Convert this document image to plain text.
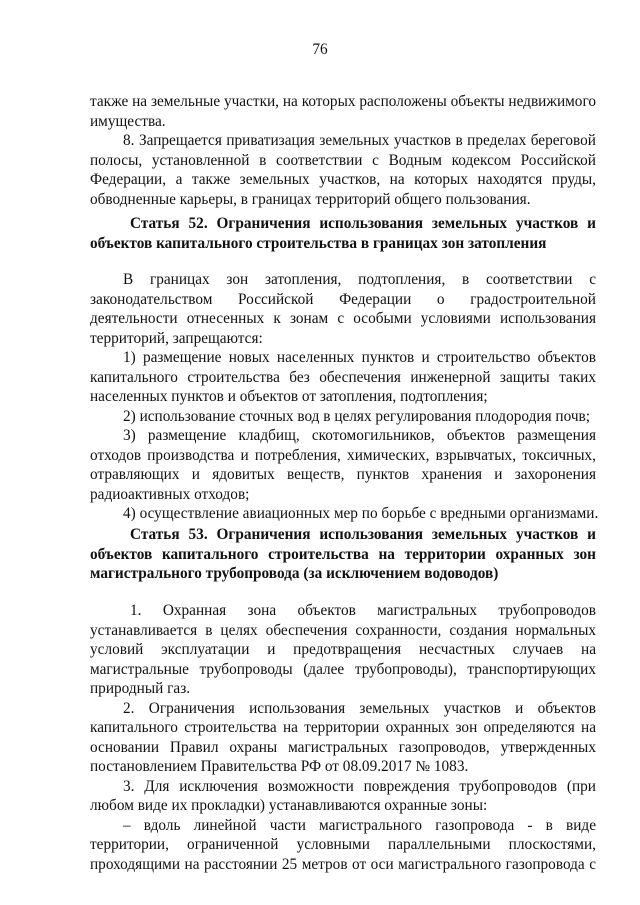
76
также на земельные участки, на которых расположены объекты недвижимого
имущества.
8. Запрещается приватизация земельных участков в пределах береговой
полосы, установленной в соответствии с Водным кодексом Российской
Федерации, а также земельных участков, на которых находятся пруды,
обводненные карьеры, в границах территорий общего пользования.
Статья 52. Ограничения использования земельных участков и
объектов капитального строительства в границах зон затопления
В границах зон затопления, подтопления, в соответствии с
законодательством Российской Федерации о градостроительной
деятельности отнесенных к зонам с особыми условиями использования
территорий, запрещаются:
1) размещение новых населенных пунктов и строительство объектов
капитального строительства без обеспечения инженерной защиты таких
населенных пунктов и объектов от затопления, подтопления;
2) использование сточных вод в целях регулирования плодородия почв;
3) размещение кладбищ, скотомогильников, объектов размещения
отходов производства и потребления, химических, взрывчатых, токсичных,
отравляющих и ядовитых веществ, пунктов хранения и захоронения
радиоактивных отходов;
4) осуществление авиационных мер по борьбе с вредными организмами.
Статья 53. Ограничения использования земельных участков и
объектов капитального строительства на территории охранных зон
магистрального трубопровода (за исключением водоводов)
1. Охранная зона объектов магистральных трубопроводов
устанавливается в целях обеспечения сохранности, создания нормальных
условий эксплуатации и предотвращения несчастных случаев на
магистральные трубопроводы (далее трубопроводы), транспортирующих
природный газ.
2. Ограничения использования земельных участков и объектов
капитального строительства на территории охранных зон определяются на
основании Правил охраны магистральных газопроводов, утвержденных
постановлением Правительства РФ от 08.09.2017 № 1083.
3. Для исключения возможности повреждения трубопроводов (при
любом виде их прокладки) устанавливаются охранные зоны:
– вдоль линейной части магистрального газопровода - в виде
территории, ограниченной условными параллельными плоскостями,
проходящими на расстоянии 25 метров от оси магистрального газопровода с
